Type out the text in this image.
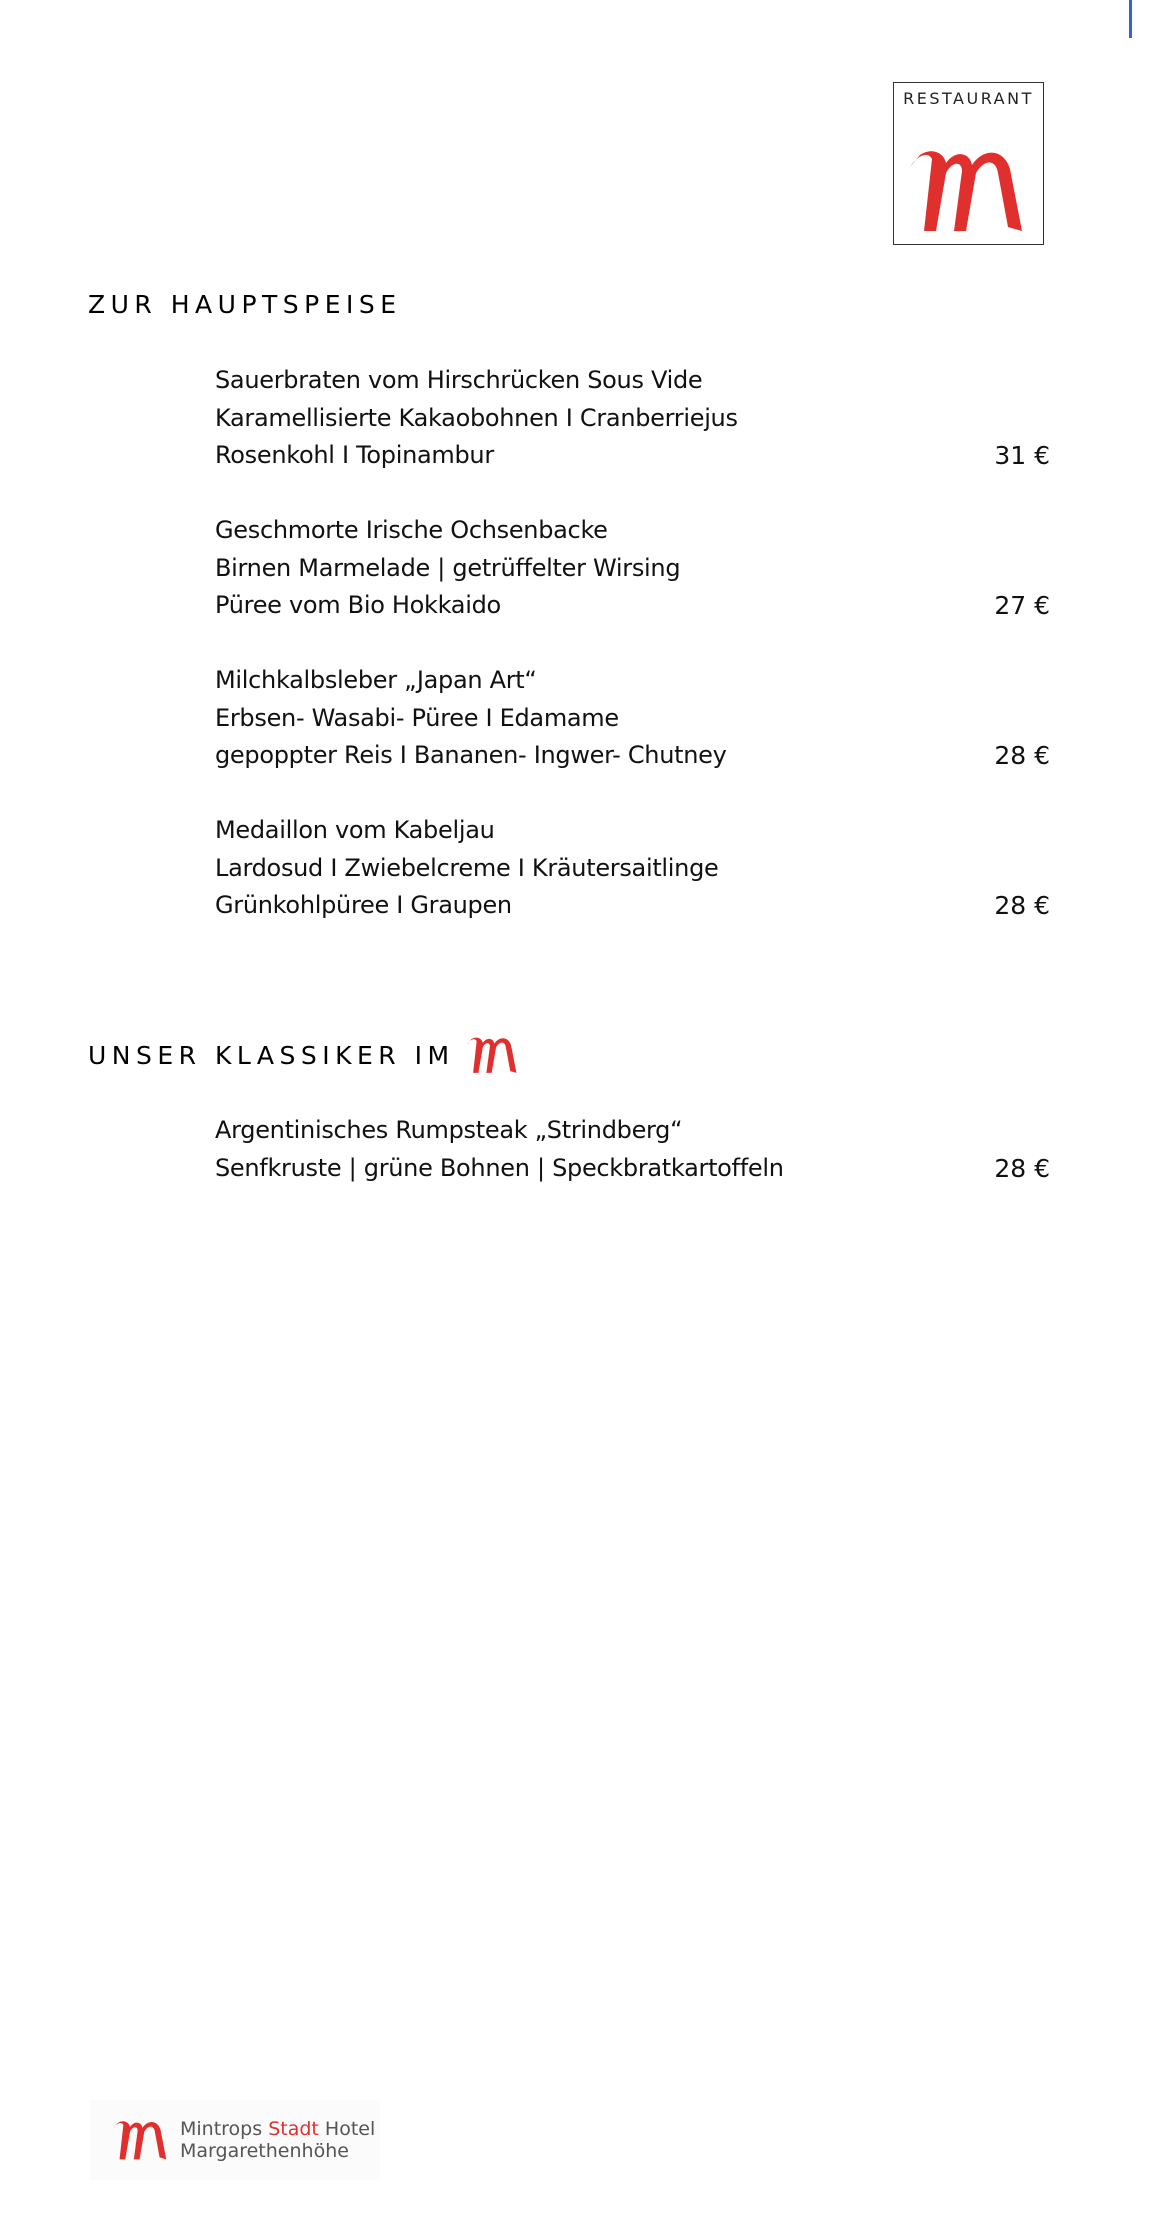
RESTAURANT
ZUR HAUPTSPEISE
Sauerbraten vom Hirschrücken Sous Vide
Karamellisierte Kakaobohnen I Cranberriejus
Rosenkohl I Topinambur	31 €
Geschmorte Irische Ochsenbacke
Birnen Marmelade | getrüffelter Wirsing
Püree vom Bio Hokkaido	27 €
Milchkalbsleber „Japan Art“
Erbsen- Wasabi- Püree I Edamame
gepoppter Reis I Bananen- Ingwer- Chutney	28 €
Medaillon vom Kabeljau
Lardosud I Zwiebelcreme I Kräutersaitlinge
Grünkohlpüree I Graupen	28 €
UNSER KLASSIKER IM
Argentinisches Rumpsteak „Strindberg“
Senfkruste | grüne Bohnen | Speckbratkartoffeln	28 €
Mintrops Stadt Hotel
Margarethenhöhe
